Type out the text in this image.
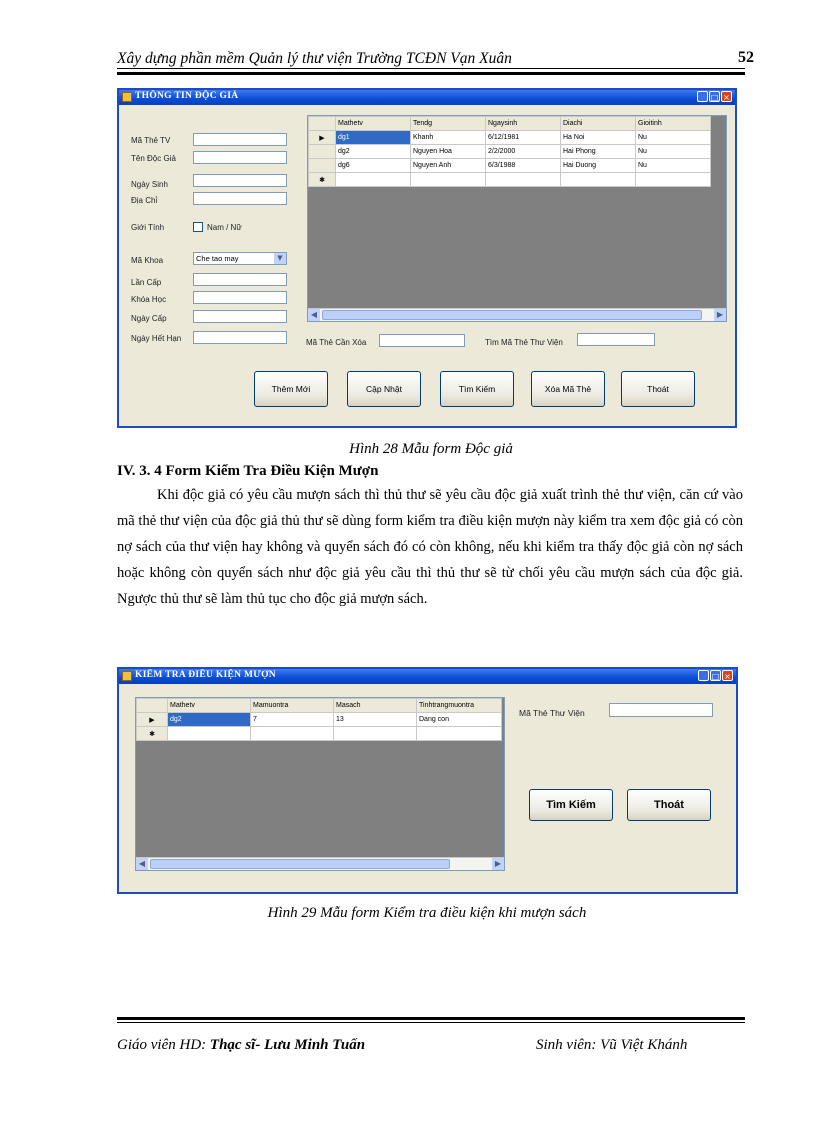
Xây dựng phần mềm Quản lý thư viện Trường TCĐN Vạn Xuân	52
THÔNG TIN ĐỘC GIẢ	_ □ ×
Mã Thẻ TV
Tên Độc Giả
Ngày Sinh
Địa Chỉ
Giới Tính	Nam / Nữ
Mã Khoa	Che tao may	▼
Lần Cấp
Khóa Học
Ngày Cấp
Ngày Hết Hạn
	Mathetv	Tendg	Ngaysinh	Diachi	Gioitinh
▶	dg1	Khanh	6/12/1981	Ha Noi	Nu
	dg2	Nguyen Hoa	2/2/2000	Hai Phong	Nu
	dg6	Nguyen Anh	6/3/1988	Hai Duong	Nu
✱					
◀	▶
Mã Thẻ Cần Xóa	Tìm Mã Thẻ Thư Viện
Thêm Mới	Cập Nhật	Tìm Kiếm	Xóa Mã Thẻ	Thoát
Hình 28 Mẫu form Độc giả
IV. 3. 4 Form Kiểm Tra Điều Kiện Mượn
Khi độc giả có yêu cầu mượn sách thì thủ thư sẽ yêu cầu độc giả xuất trình thẻ thư viện, căn cứ vào mã thẻ thư viện của độc giả thủ thư sẽ dùng form kiểm tra điều kiện mượn này kiểm tra xem độc giả có còn nợ sách của thư viện hay không và quyển sách đó có còn không, nếu khi kiểm tra thấy độc giả còn nợ sách hoặc không còn quyển sách như độc giả yêu cầu thì thủ thư sẽ từ chối yêu cầu mượn sách của độc giả. Ngược thủ thư sẽ làm thủ tục cho độc giả mượn sách.
KIỂM TRA ĐIỀU KIỆN MƯỢN	_ □ ×
	Mathetv	Mamuontra	Masach	Tinhtrangmuontra
▶	dg2	7	13	Dang con
✱				
◀	▶
Mã Thẻ Thư Viện
Tìm Kiếm	Thoát
Hình 29 Mẫu form Kiểm tra điều kiện khi mượn sách
Giáo viên HD: Thạc sĩ- Lưu Minh Tuấn	Sinh viên: Vũ Việt Khánh
